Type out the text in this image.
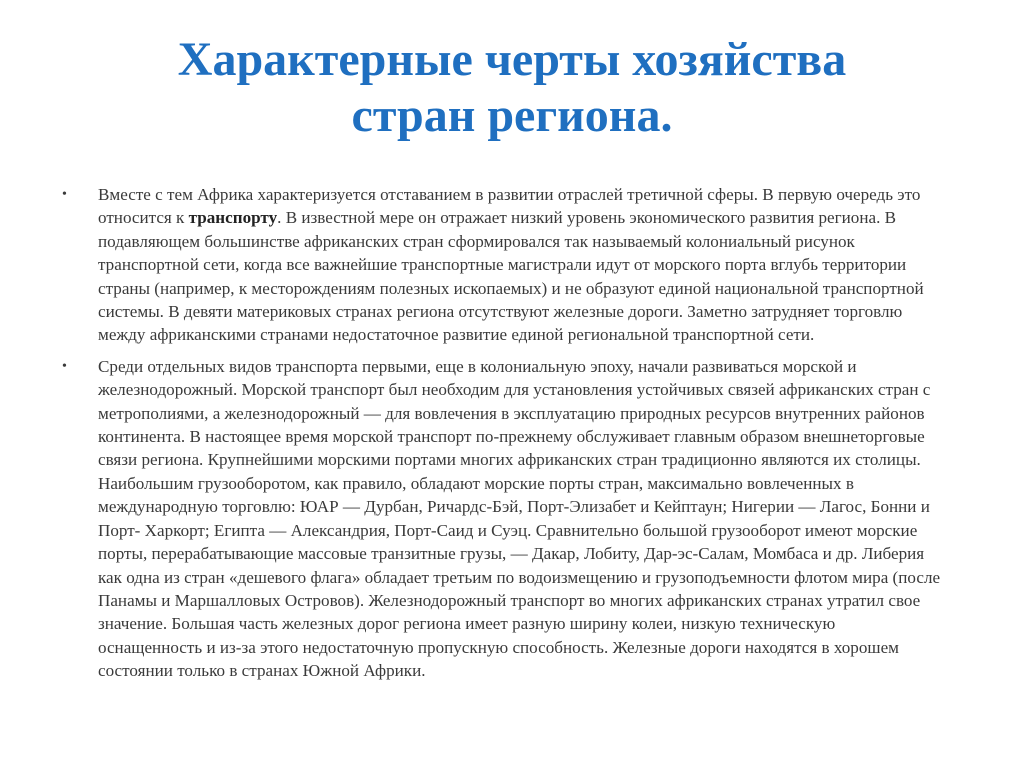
Характерные черты хозяйства
стран региона.
• Вместе с тем Африка характеризуется отставанием в развитии отраслей третичной сферы. В первую очередь это относится к транспорту. В известной мере он отражает низкий уровень экономического развития региона. В подавляющем большинстве африканских стран сформировался так называемый колониальный рисунок транспортной сети, когда все важнейшие транспортные магистрали идут от морского порта вглубь территории страны (например, к месторождениям полезных ископаемых) и не образуют единой национальной транспортной системы. В девяти материковых странах региона отсутствуют железные дороги. Заметно затрудняет торговлю между африканскими странами недостаточное развитие единой региональной транспортной сети.
• Среди отдельных видов транспорта первыми, еще в колониальную эпоху, начали развиваться морской и железнодорожный. Морской транспорт был необходим для установления устойчивых связей африканских стран с метрополиями, а железнодорожный — для вовлечения в эксплуатацию природных ресурсов внутренних районов континента. В настоящее время морской транспорт по-прежнему обслуживает главным образом внешнеторговые связи региона. Крупнейшими морскими портами многих африканских стран традиционно являются их столицы. Наибольшим грузооборотом, как правило, обладают морские порты стран, максимально вовлеченных в международную торговлю: ЮАР — Дурбан, Ричардс-Бэй, Порт-Элизабет и Кейптаун; Нигерии — Лагос, Бонни и Порт- Харкорт; Египта — Александрия, Порт-Саид и Суэц. Сравнительно большой грузооборот имеют морские порты, перерабатывающие массовые транзитные грузы, — Дакар, Лобиту, Дар-эс-Салам, Момбаса и др. Либерия как одна из стран «дешевого флага» обладает третьим по водоизмещению и грузоподъемности флотом мира (после Панамы и Маршалловых Островов). Железнодорожный транспорт во многих африканских странах утратил свое значение. Большая часть железных дорог региона имеет разную ширину колеи, низкую техническую оснащенность и из-за этого недостаточную пропускную способность. Железные дороги находятся в хорошем состоянии только в странах Южной Африки.
